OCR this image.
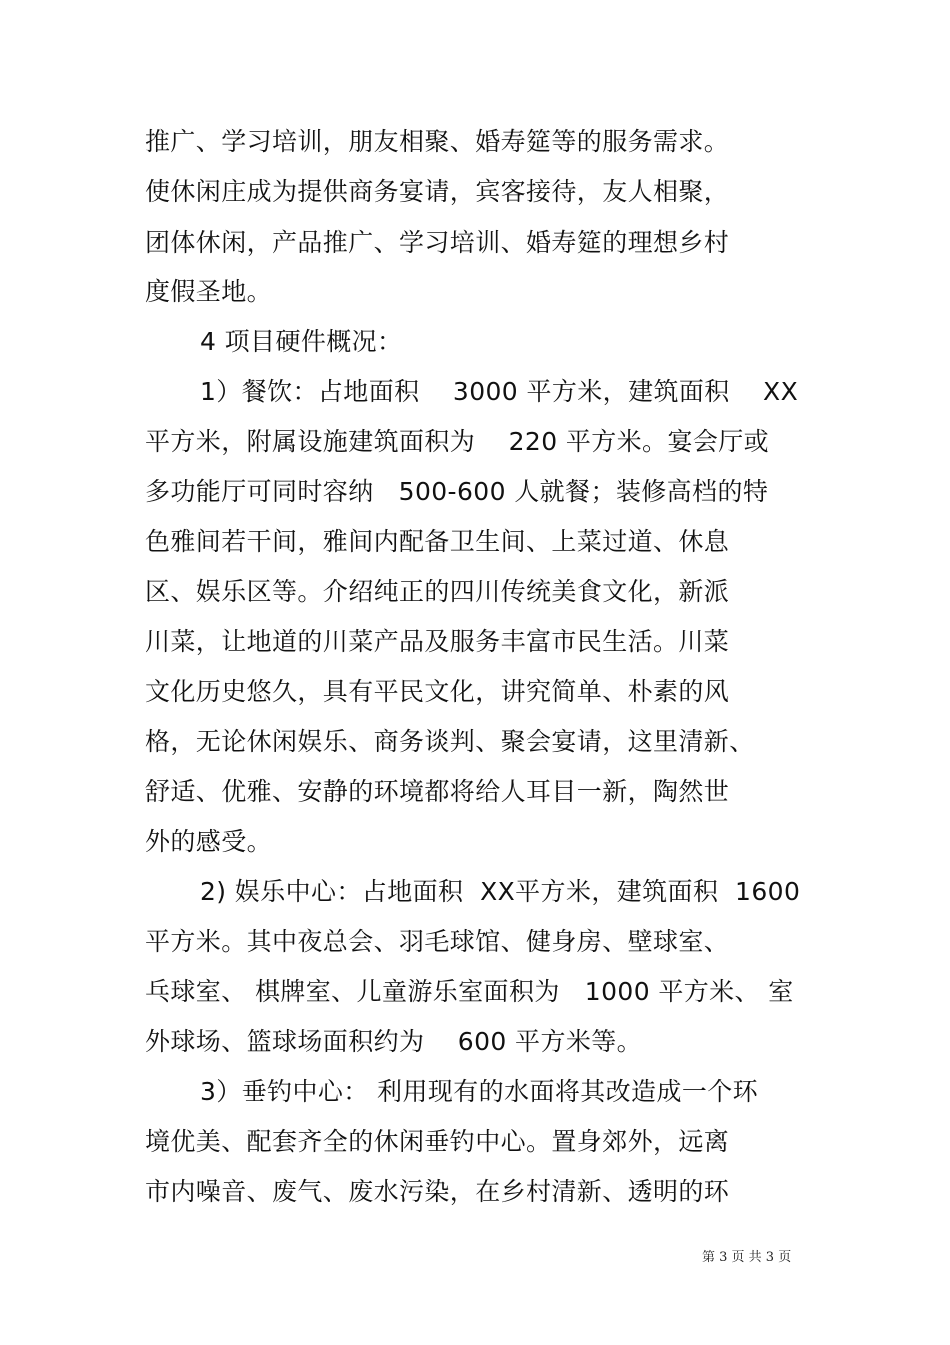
推广、学习培训，朋友相聚、婚寿筵等的服务需求。
使休闲庄成为提供商务宴请，宾客接待，友人相聚，
团体休闲，产品推广、学习培训、婚寿筵的理想乡村
度假圣地。
4 项目硬件概况：
1）餐饮：占地面积    3000 平方米，建筑面积    XX
平方米，附属设施建筑面积为    220 平方米。宴会厅或
多功能厅可同时容纳   500-600 人就餐；装修高档的特
色雅间若干间，雅间内配备卫生间、上菜过道、休息
区、娱乐区等。介绍纯正的四川传统美食文化，新派
川菜，让地道的川菜产品及服务丰富市民生活。川菜
文化历史悠久，具有平民文化，讲究简单、朴素的风
格，无论休闲娱乐、商务谈判、聚会宴请，这里清新、
舒适、优雅、安静的环境都将给人耳目一新，陶然世
外的感受。
2) 娱乐中心：占地面积  XX平方米，建筑面积  1600
平方米。其中夜总会、羽毛球馆、健身房、壁球室、
乓球室、 棋牌室、儿童游乐室面积为   1000 平方米、 室
外球场、篮球场面积约为    600 平方米等。
3）垂钓中心： 利用现有的水面将其改造成一个环
境优美、配套齐全的休闲垂钓中心。置身郊外，远离
市内噪音、废气、废水污染，在乡村清新、透明的环
第 3 页 共 3 页
